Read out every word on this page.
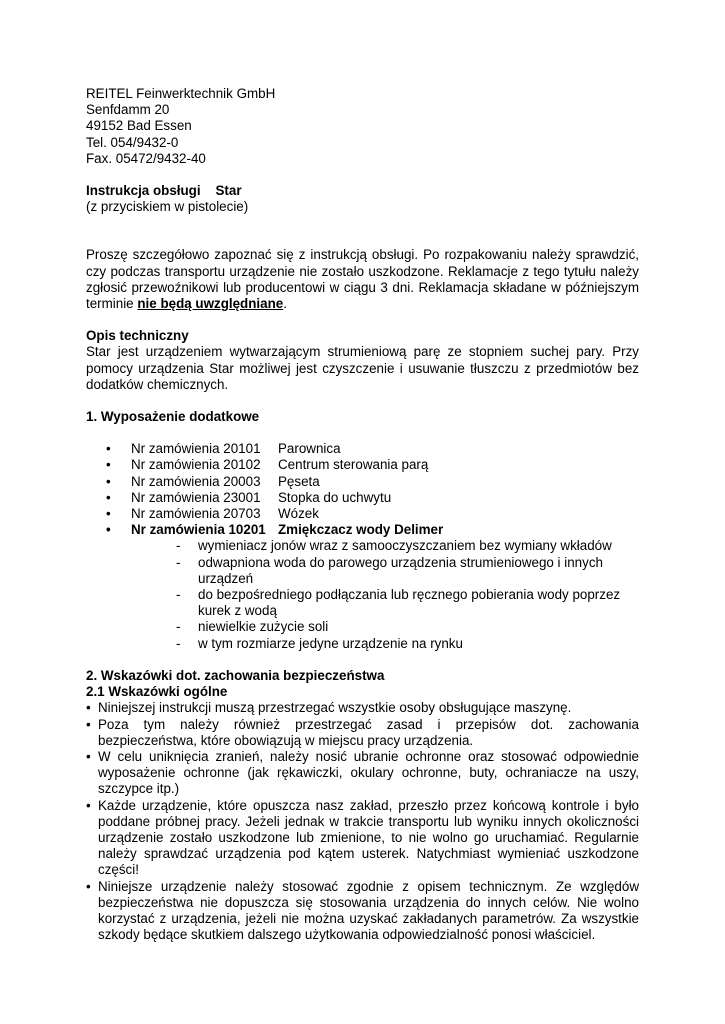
REITEL Feinwerktechnik GmbH
Senfdamm 20
49152 Bad Essen
Tel. 054/9432-0
Fax. 05472/9432-40
Instrukcja obsługi Star
(z przyciskiem w pistolecie)

Proszę szczegółowo zapoznać się z instrukcją obsługi. Po rozpakowaniu należy sprawdzić, czy podczas transportu urządzenie nie zostało uszkodzone. Reklamacje z tego tytułu należy zgłosić przewoźnikowi lub producentowi w ciągu 3 dni. Reklamacja składane w późniejszym terminie nie będą uwzględniane.

Opis techniczny

Star jest urządzeniem wytwarzającym strumieniową parę ze stopniem suchej pary. Przy pomocy urządzenia Star możliwej jest czyszczenie i usuwanie tłuszczu z przedmiotów bez dodatków chemicznych.

1. Wyposażenie dodatkowe
• Nr zamówienia 20101 Parownica
• Nr zamówienia 20102 Centrum sterowania parą
• Nr zamówienia 20003 Pęseta
• Nr zamówienia 23001 Stopka do uchwytu
• Nr zamówienia 20703 Wózek
• Nr zamówienia 10201 Zmiękczacz wody Delimer
- wymieniacz jonów wraz z samooczyszczaniem bez wymiany wkładów
- odwapniona woda do parowego urządzenia strumieniowego i innych urządzeń
- do bezpośredniego podłączania lub ręcznego pobierania wody poprzez kurek z wodą
- niewielkie zużycie soli
- w tym rozmiarze jedyne urządzenie na rynku
2. Wskazówki dot. zachowania bezpieczeństwa
2.1 Wskazówki ogólne
• Niniejszej instrukcji muszą przestrzegać wszystkie osoby obsługujące maszynę.
• Poza tym należy również przestrzegać zasad i przepisów dot. zachowania bezpieczeństwa, które obowiązują w miejscu pracy urządzenia.
• W celu uniknięcia zranień, należy nosić ubranie ochronne oraz stosować odpowiednie wyposażenie ochronne (jak rękawiczki, okulary ochronne, buty, ochraniacze na uszy, szczypce itp.)
• Każde urządzenie, które opuszcza nasz zakład, przeszło przez końcową kontrole i było poddane próbnej pracy. Jeżeli jednak w trakcie transportu lub wyniku innych okoliczności urządzenie zostało uszkodzone lub zmienione, to nie wolno go uruchamiać. Regularnie należy sprawdzać urządzenia pod kątem usterek. Natychmiast wymieniać uszkodzone części!
• Niniejsze urządzenie należy stosować zgodnie z opisem technicznym. Ze względów bezpieczeństwa nie dopuszcza się stosowania urządzenia do innych celów. Nie wolno korzystać z urządzenia, jeżeli nie można uzyskać zakładanych parametrów. Za wszystkie szkody będące skutkiem dalszego użytkowania odpowiedzialność ponosi właściciel.
